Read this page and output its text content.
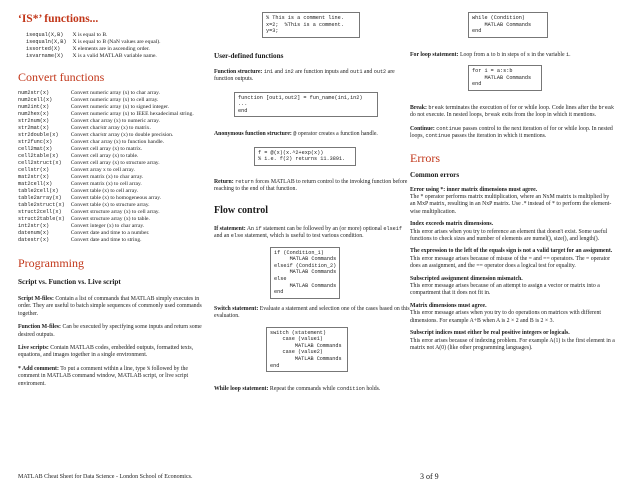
‘IS*’ functions...
isequal(X,B)	X is equal to B.
isequaln(X,B)	X is equal to B (NaN values are equal).
issorted(X)	X elements are in ascending order.
isvarname(X)	X is a valid MATLAB variable name.
Convert functions
num2str(x)	Convert numeric array (x) to char array.
num2cell(x)	Convert numeric array (x) to cell array.
num2int(x)	Convert numeric array (x) to signed integer.
num2hex(x)	Convert numeric array (x) to IEEE hexadecimal string.
str2num(x)	Convert char array (x) to numeric array.
str2mat(x)	Convert char/str array (x) to matrix.
str2double(x)	Convert char/str array (x) to double precision.
str2func(x)	Convert char array (x) to function handle.
cell2mat(x)	Convert cell array (x) to matrix.
cell2table(x)	Convert cell array (x) to table.
cell2struct(x)	Convert cell array (x) to structure array.
cellstr(x)	Convert array x to cell array.
mat2str(x)	Convert matrix (x) to char array.
mat2cell(x)	Convert matrix (x) to cell array.
table2cell(x)	Convert table (x) to cell array.
table2array(x)	Convert table (x) to homogeneous array.
table2struct(x)	Convert table (x) to structure array.
struct2cell(x)	Convert structure array (x) to cell array.
struct2table(x)	Convert structure array (x) to table.
int2str(x)	Convert integer (x) to char array.
datenum(x)	Convert date and time to a number.
datestr(x)	Convert date and time to string.
Programming
Script vs. Function vs. Live script
Script M-files: Contain a list of commands that MATLAB simply executes in order. They are useful to batch simple sequences of commonly used commands together.
Function M-files: Can be executed by specifying some inputs and return some desired outputs.
Live scripts: Contain MATLAB codes, embedded outputs, formatted texts, equations, and images together in a single environment.
* Add comment: To put a comment within a line, type % followed by the comment in MATLAB command window, MATLAB script, or live script enviroment.
% This is a comment line.
x=2;  %This is a comment.
y=3;
User-defined functions
Function structure: in1 and in2 are function inputs and out1 and out2 are function outputs.
function [out1,out2] = fun_name(in1,in2)
...
end
Anonymous function structure: @ operator creates a function handle.
f = @(x)(x.^2+exp(x))
% i.e. f(2) returns 11.3891.
Return: return forces MATLAB to return control to the invoking function before reaching to the end of that function.
Flow control
If statement: An if statement can be followed by an (or more) optional elseif and an else statement, which is useful to test various condition.
if (Condition_1)
MATLAB Commands
elseif (Condition_2)
MATLAB Commands
else
MATLAB Commands
end
Switch statement: Evaluate a statement and selection one of the cases based on this evaluation.
switch (statement)
case (value1)
MATLAB Commands
case (value2)
MATLAB Commands
end
While loop statement: Repeat the commands while condition holds.
while (Condition)
MATLAB Commands
end
For loop statement: Loop from a to b in steps of s in the variable i.
for i = a:s:b
MATLAB Commands
end
Break: break terminates the execution of for or while loop. Code lines after the break do not execute. In nested loops, break exits from the loop in which it mentions.
Continue: continue passes control to the next iteration of for or while loop. In nested loops, continue passes the iteration in which it mentions.
Errors
Common errors
Error using *: inner matrix dimensions must agree.
The * operator performs matrix multiplication, where an NxM matrix is multiplied by an MxP matrix, resulting in an NxP matrix. Use .* instead of * to perform the element-wise multiplication.
Index exceeds matrix dimensions.
This error arises when you try to reference an element that doesn't exist. Some useful functions to check sizes and number of elements are numel(), size(), and length().
The expression to the left of the equals sign is not a valid target for an assignment.
This error message arises because of misuse of the = and == operators. The = operator does an assignment, and the == operator does a logical test for equality.
Subscripted assignment dimension mismatch.
This error message arises because of an attempt to assign a vector or matrix into a compartment that it does not fit in.
Matrix dimensions must agree.
This error message arises when you try to do operations on matrices with different dimensions. For example A+B when A is 2 × 2 and B is 2 × 3.
Subscript indices must either be real positive integers or logicals.
This error arises because of indexing problem. For example A(1) is the first element in a matrix not A(0) (like other programming languages).
MATLAB Cheat Sheet for Data Science - London School of Economics.	3 of 9
